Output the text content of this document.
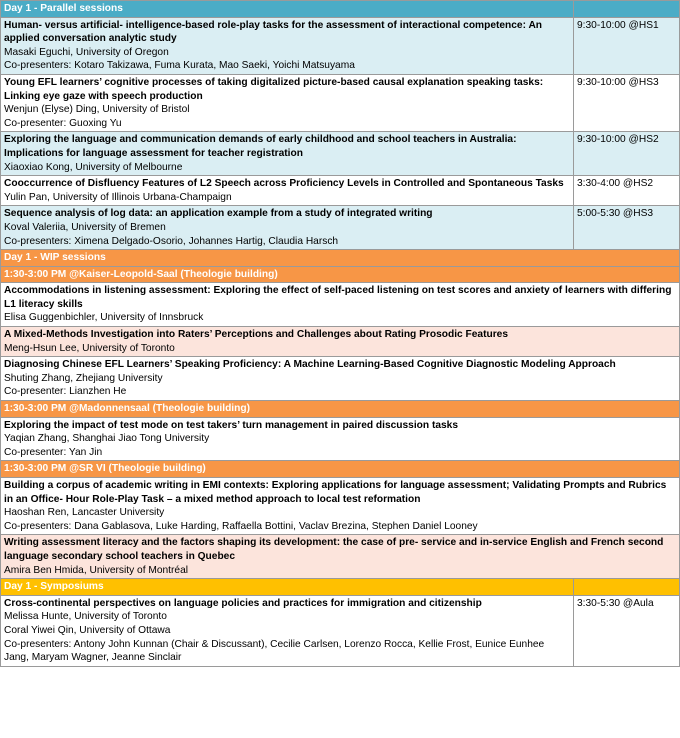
Day 1 - Parallel sessions	

Human- versus artificial- intelligence-based role-play tasks for the assessment of interactional competence: An applied conversation analytic study
Masaki Eguchi, University of Oregon
Co-presenters: Kotaro Takizawa, Fuma Kurata, Mao Saeki, Yoichi Matsuyama	9:30-10:00 @HS1

Young EFL learners’ cognitive processes of taking digitalized picture-based causal explanation speaking tasks: Linking eye gaze with speech production
Wenjun (Elyse) Ding, University of Bristol
Co-presenter: Guoxing Yu	9:30-10:00 @HS3

Exploring the language and communication demands of early childhood and school teachers in Australia: Implications for language assessment for teacher registration
Xiaoxiao Kong, University of Melbourne	9:30-10:00 @HS2

Cooccurrence of Disfluency Features of L2 Speech across Proficiency Levels in Controlled and Spontaneous Tasks
Yulin Pan, University of Illinois Urbana-Champaign	3:30-4:00 @HS2

Sequence analysis of log data: an application example from a study of integrated writing
Koval Valeriia, University of Bremen
Co-presenters: Ximena Delgado-Osorio, Johannes Hartig, Claudia Harsch	5:00-5:30 @HS3
Day 1 - WIP sessions	
1:30-3:00 PM @Kaiser-Leopold-Saal (Theologie building)	

Accommodations in listening assessment: Exploring the effect of self-paced listening on test scores and anxiety of learners with differing L1 literacy skills
Elisa Guggenbichler, University of Innsbruck	

A Mixed-Methods Investigation into Raters’ Perceptions and Challenges about Rating Prosodic Features
Meng-Hsun Lee, University of Toronto	

Diagnosing Chinese EFL Learners’ Speaking Proficiency: A Machine Learning-Based Cognitive Diagnostic Modeling Approach
Shuting Zhang, Zhejiang University
Co-presenter: Lianzhen He	

1:30-3:00 PM @Madonnensaal (Theologie building)	

Exploring the impact of test mode on test takers’ turn management in paired discussion tasks
Yaqian Zhang, Shanghai Jiao Tong University
Co-presenter: Yan Jin	

1:30-3:00 PM @SR VI (Theologie building)	

Building a corpus of academic writing in EMI contexts: Exploring applications for language assessment; Validating Prompts and Rubrics in an Office- Hour Role-Play Task – a mixed method approach to local test reformation
Haoshan Ren, Lancaster University
Co-presenters: Dana Gablasova, Luke Harding, Raffaella Bottini, Vaclav Brezina, Stephen Daniel Looney	

Writing assessment literacy and the factors shaping its development: the case of pre- service and in-service English and French second language secondary school teachers in Quebec
Amira Ben Hmida, University of Montréal	

Day 1 - Symposiums	

Cross-continental perspectives on language policies and practices for immigration and citizenship
Melissa Hunte, University of Toronto
Coral Yiwei Qin, University of Ottawa
Co-presenters: Antony John Kunnan (Chair & Discussant), Cecilie Carlsen, Lorenzo Rocca, Kellie Frost, Eunice Eunhee Jang, Maryam Wagner, Jeanne Sinclair	3:30-5:30 @Aula
